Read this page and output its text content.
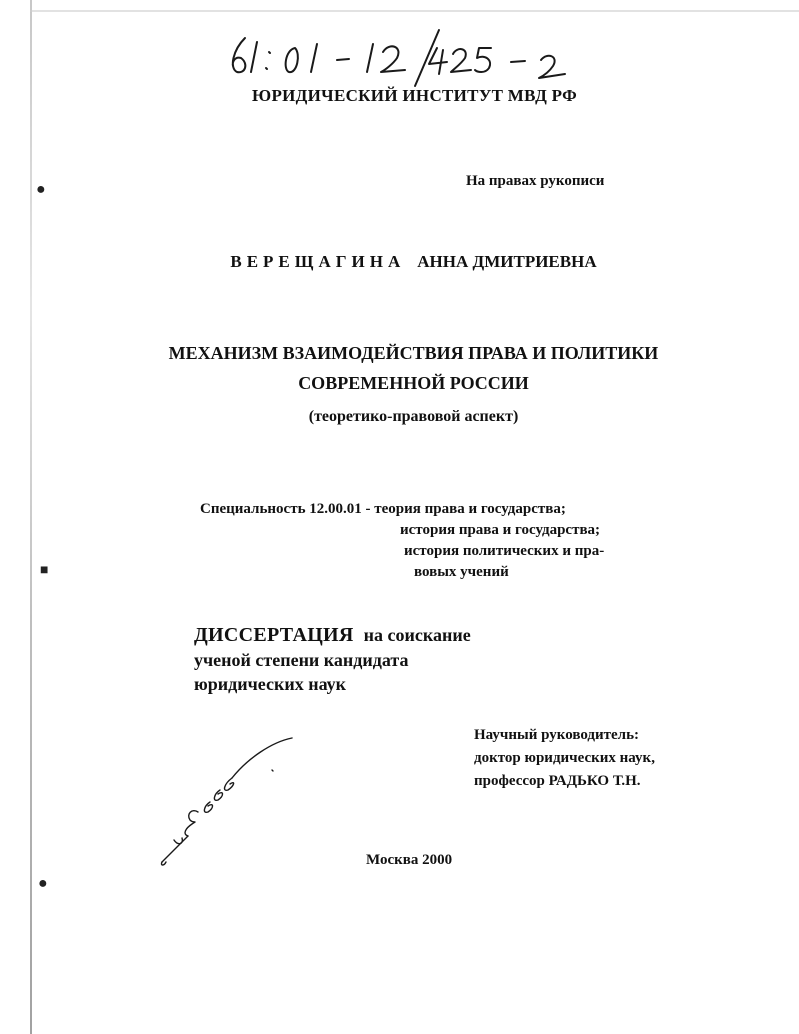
●
■
●
ЮРИДИЧЕСКИЙ ИНСТИТУТ МВД РФ
На правах рукописи
ВЕРЕЩАГИНА АННА ДМИТРИЕВНА
МЕХАНИЗМ ВЗАИМОДЕЙСТВИЯ ПРАВА И ПОЛИТИКИ
СОВРЕМЕННОЙ РОССИИ
(теоретико-правовой аспект)
Специальность 12.00.01 - теория права и государства;
история права и государства;
история политических и пра-
вовых учений
ДИССЕРТАЦИЯ на соискание
ученой степени кандидата
юридических наук
Научный руководитель:
доктор юридических наук,
профессор РАДЬКО Т.Н.
Москва 2000
